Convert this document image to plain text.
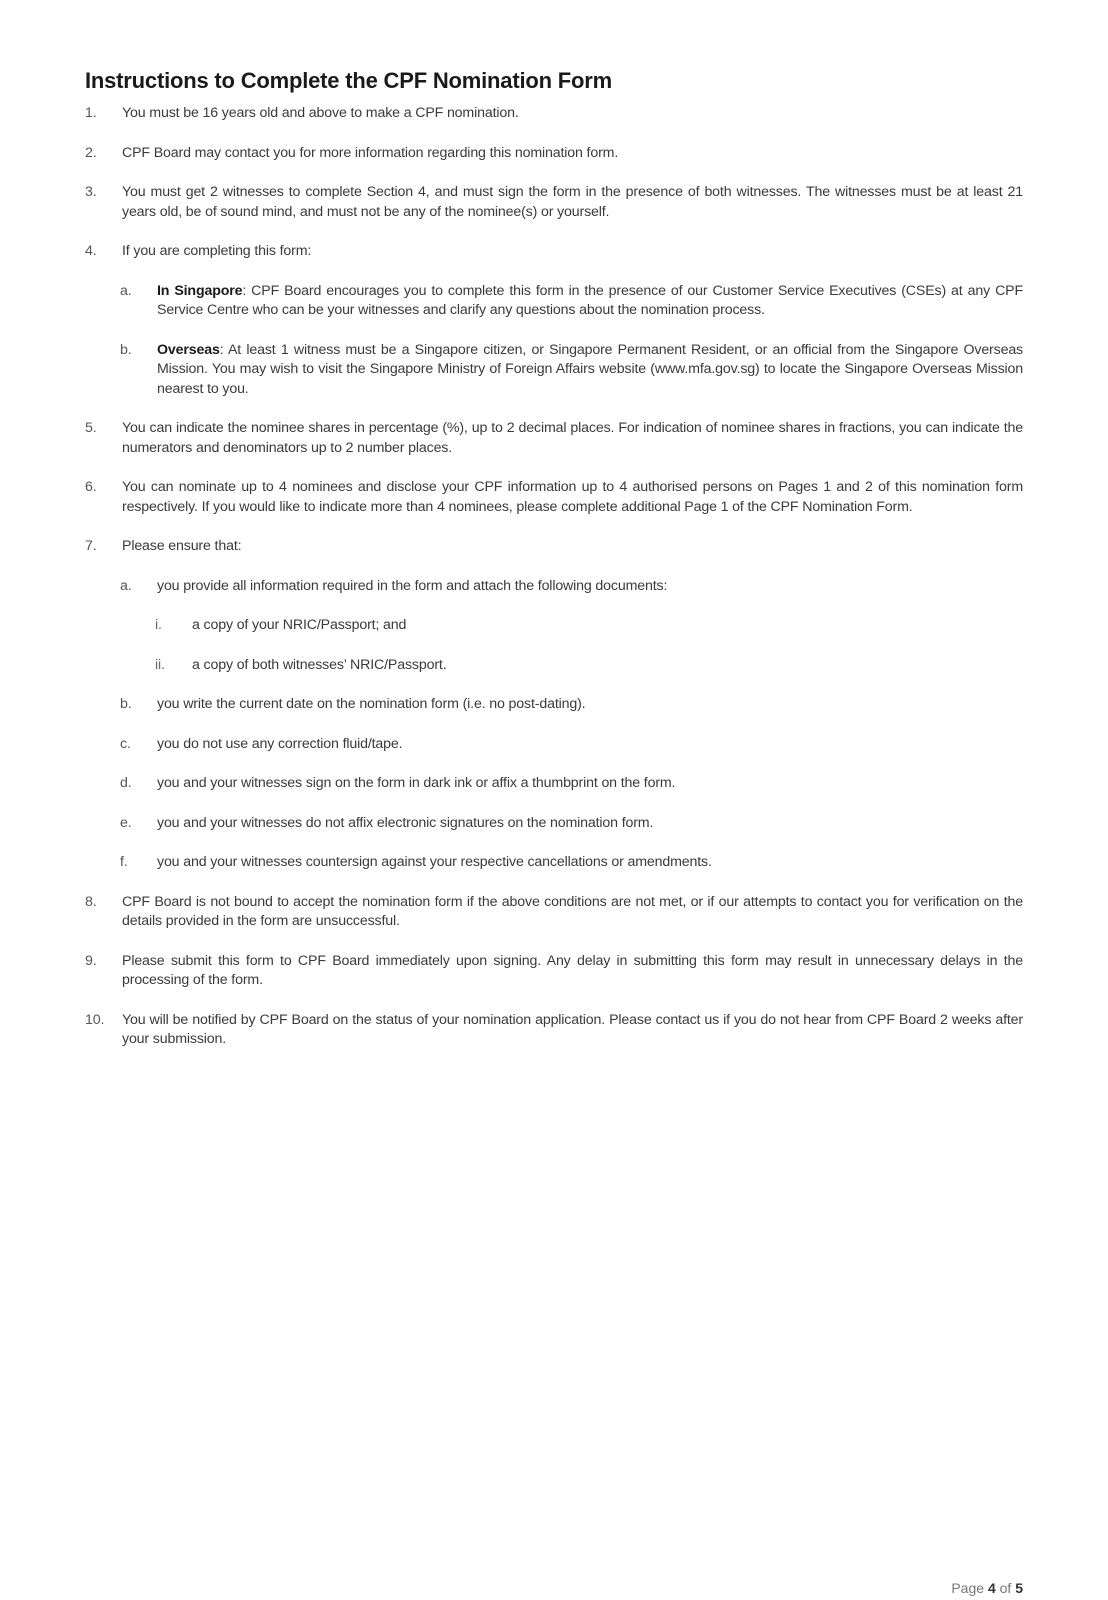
Instructions to Complete the CPF Nomination Form
1.	You must be 16 years old and above to make a CPF nomination.
2.	CPF Board may contact you for more information regarding this nomination form.
3.	You must get 2 witnesses to complete Section 4, and must sign the form in the presence of both witnesses. The witnesses must be at least 21 years old, be of sound mind, and must not be any of the nominee(s) or yourself.
4.	If you are completing this form:
a.	In Singapore: CPF Board encourages you to complete this form in the presence of our Customer Service Executives (CSEs) at any CPF Service Centre who can be your witnesses and clarify any questions about the nomination process.
b.	Overseas: At least 1 witness must be a Singapore citizen, or Singapore Permanent Resident, or an official from the Singapore Overseas Mission. You may wish to visit the Singapore Ministry of Foreign Affairs website (www.mfa.gov.sg) to locate the Singapore Overseas Mission nearest to you.
5.	You can indicate the nominee shares in percentage (%), up to 2 decimal places. For indication of nominee shares in fractions, you can indicate the numerators and denominators up to 2 number places.
6.	You can nominate up to 4 nominees and disclose your CPF information up to 4 authorised persons on Pages 1 and 2 of this nomination form respectively. If you would like to indicate more than 4 nominees, please complete additional Page 1 of the CPF Nomination Form.
7.	Please ensure that:
a.	you provide all information required in the form and attach the following documents:
i.	a copy of your NRIC/Passport; and
ii.	a copy of both witnesses’ NRIC/Passport.
b.	you write the current date on the nomination form (i.e. no post-dating).
c.	you do not use any correction fluid/tape.
d.	you and your witnesses sign on the form in dark ink or affix a thumbprint on the form.
e.	you and your witnesses do not affix electronic signatures on the nomination form.
f.	you and your witnesses countersign against your respective cancellations or amendments.
8.	CPF Board is not bound to accept the nomination form if the above conditions are not met, or if our attempts to contact you for verification on the details provided in the form are unsuccessful.
9.	Please submit this form to CPF Board immediately upon signing. Any delay in submitting this form may result in unnecessary delays in the processing of the form.
10.	You will be notified by CPF Board on the status of your nomination application. Please contact us if you do not hear from CPF Board 2 weeks after your submission.
Page 4 of 5
